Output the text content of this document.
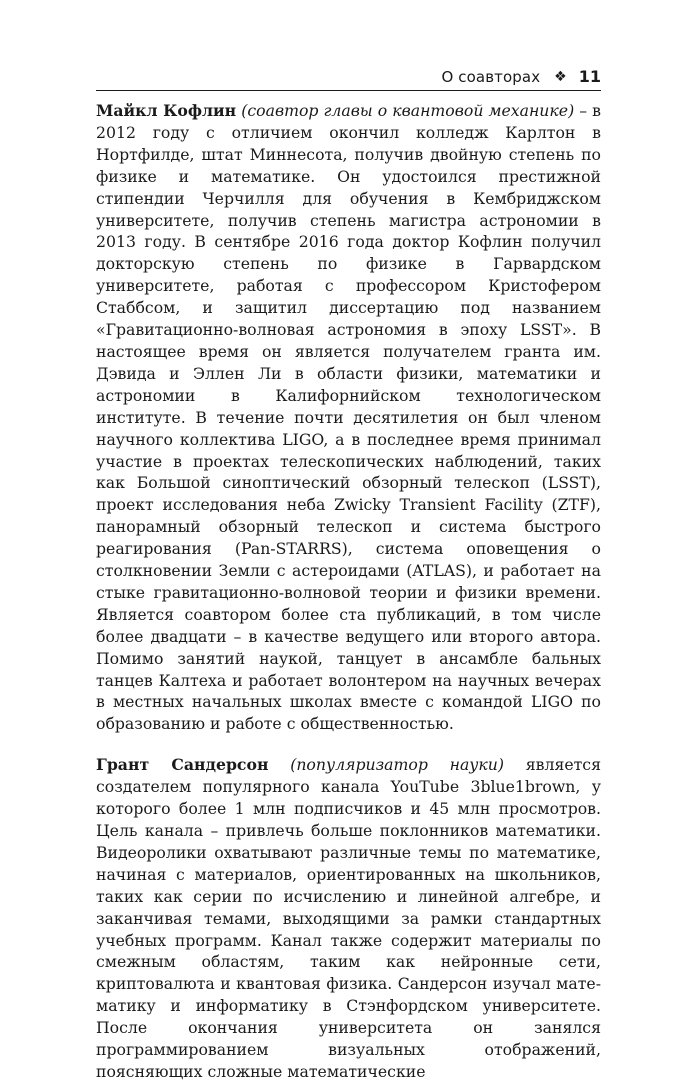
О соавторах ❖ 11

Майкл Кофлин (соавтор главы о квантовой механике) – в 2012 году с отличием окончил колледж Карлтон в Нортфилде, штат Миннесота, получив двойную степень по физике и математике. Он удостоился престижной стипендии Черчилля для обучения в Кембриджском университете, получив степень магистра астрономии в 2013 году. В сентябре 2016 года доктор Кофлин получил докторскую степень по физике в Гарвардском университете, работая с профессором Кристофером Стаббсом, и защитил диссертацию под названием «Гравитационно-волновая астрономия в эпоху LSST». В настоящее время он является получателем гранта им. Дэвида и Эллен Ли в области физики, математики и астрономии в Калифорнийском технологическом институте. В течение почти десятилетия он был членом научного коллектива LIGO, а в последнее время принимал участие в проектах телескопических наблюдений, таких как Большой синоптический обзорный телескоп (LSST), проект исследования неба Zwicky Transient Facility (ZTF), панорамный обзорный телескоп и система быстрого реагирования (Pan-STARRS), система оповещения о столкновении Земли с астероидами (ATLAS), и работает на стыке гравитационно-волновой теории и физики времени. Является соавтором более ста публикаций, в том числе более двадцати – в качестве ведущего или второго автора. Помимо занятий наукой, танцует в ансамбле бальных танцев Калтеха и работает волонтером на научных вечерах в местных начальных школах вместе с командой LIGO по образованию и работе с общественностью.

Грант Сандерсон (популяризатор науки) является создателем популярного канала YouTube 3blue1brown, у которого более 1 млн подписчиков и 45 млн просмотров. Цель канала – привлечь больше поклонников математики. Видеоролики охватывают различные темы по математике, начиная с материалов, ориентированных на школьников, таких как серии по исчислению и линейной алгебре, и заканчивая темами, выходящими за рамки стандартных учебных программ. Канал также содержит материалы по смежным областям, таким как нейронные сети, криптовалюта и квантовая физика. Сандерсон изучал математику и информатику в Стэнфордском университете. После окончания университета он занялся программированием визуальных отображений, поясняющих сложные математические
